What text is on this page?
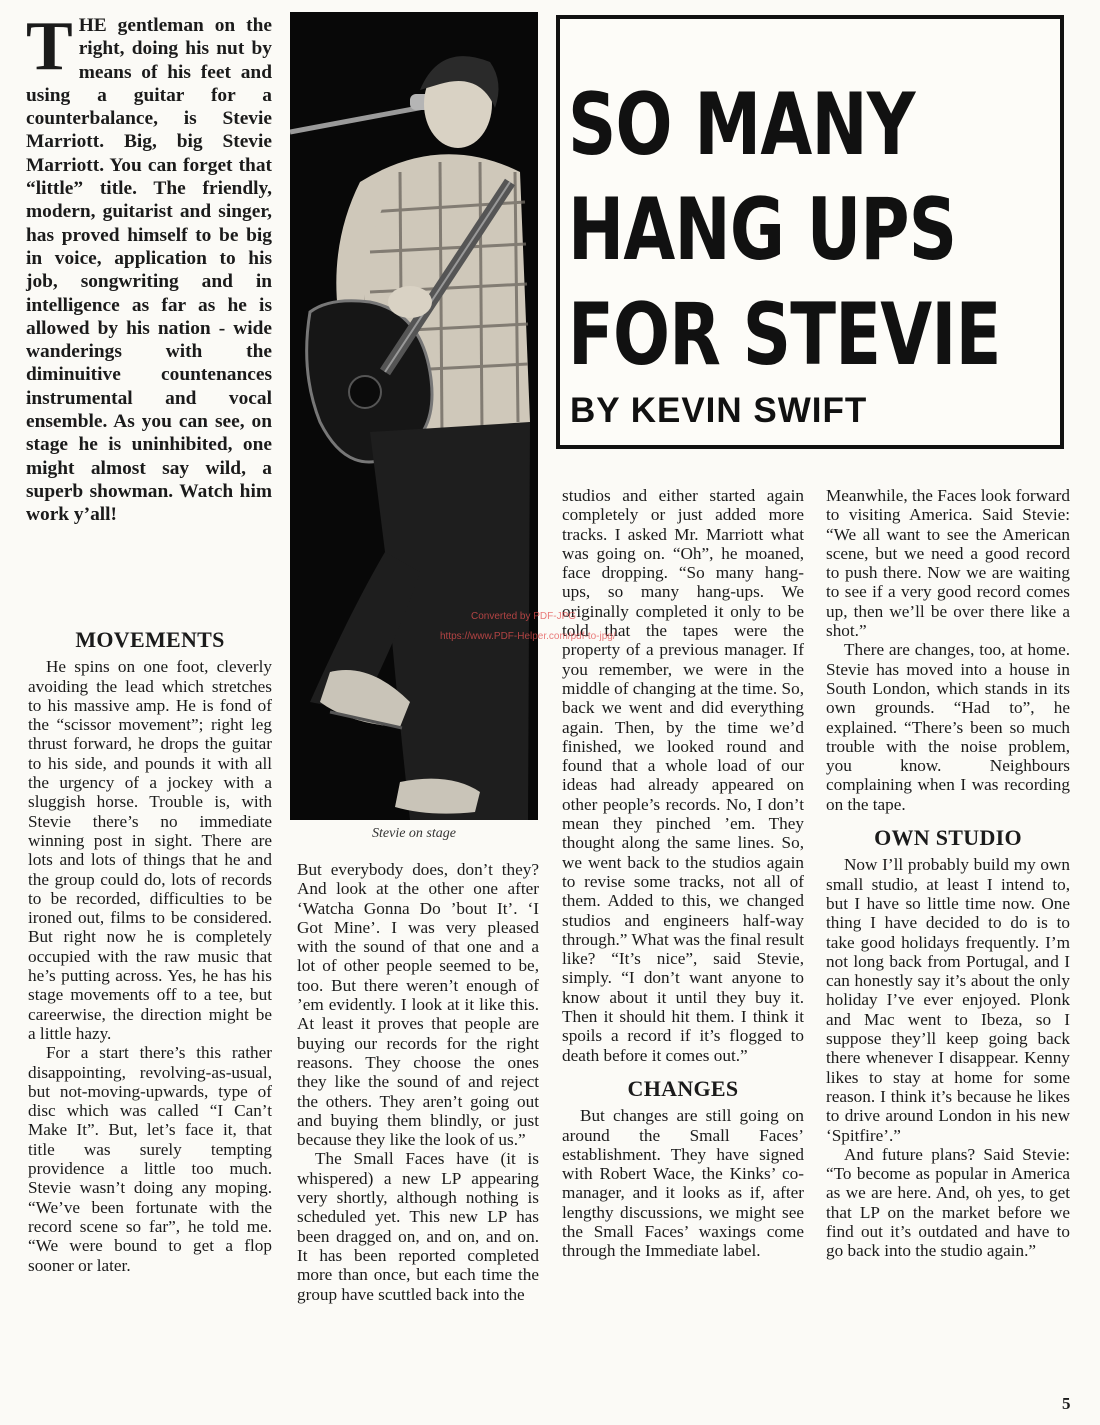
THE gentleman on the right, doing his nut by means of his feet and using a guitar for a counterbalance, is Stevie Marriott. Big, big Stevie Marriott. You can forget that “little” title. The friendly, modern, guitarist and singer, has proved himself to be big in voice, application to his job, songwriting and in intelligence as far as he is allowed by his nation - wide wanderings with the diminuitive countenances instrumental and vocal ensemble. As you can see, on stage he is uninhibited, one might almost say wild, a superb showman. Watch him work y’all!

MOVEMENTS

He spins on one foot, cleverly avoiding the lead which stretches to his massive amp. He is fond of the “scissor movement”; right leg thrust forward, he drops the guitar to his side, and pounds it with all the urgency of a jockey with a sluggish horse. Trouble is, with Stevie there’s no immediate winning post in sight. There are lots and lots of things that he and the group could do, lots of records to be recorded, difficulties to be ironed out, films to be considered. But right now he is completely occupied with the raw music that he’s putting across. Yes, he has his stage movements off to a tee, but careerwise, the direction might be a little hazy.

For a start there’s this rather disappointing, revolving-as-usual, but not-moving-upwards, type of disc which was called “I Can’t Make It”. But, let’s face it, that title was surely tempting providence a little too much. Stevie wasn’t doing any moping. “We’ve been fortunate with the record scene so far”, he told me. “We were bound to get a flop sooner or later.

Stevie on stage

But everybody does, don’t they? And look at the other one after ‘Watcha Gonna Do ’bout It’. ‘I Got Mine’. I was very pleased with the sound of that one and a lot of other people seemed to be, too. But there weren’t enough of ’em evidently. I look at it like this. At least it proves that people are buying our records for the right reasons. They choose the ones they like the sound of and reject the others. They aren’t going out and buying them blindly, or just because they like the look of us.”

The Small Faces have (it is whispered) a new LP appearing very shortly, although nothing is scheduled yet. This new LP has been dragged on, and on, and on. It has been reported completed more than once, but each time the group have scuttled back into the

SO MANY
HANG UPS
FOR STEVIE
BY KEVIN SWIFT

studios and either started again completely or just added more tracks. I asked Mr. Marriott what was going on. “Oh”, he moaned, face dropping. “So many hang-ups, so many hang-ups. We originally completed it only to be told that the tapes were the property of a previous manager. If you remember, we were in the middle of changing at the time. So, back we went and did everything again. Then, by the time we’d finished, we looked round and found that a whole load of our ideas had already appeared on other people’s records. No, I don’t mean they pinched ’em. They thought along the same lines. So, we went back to the studios again to revise some tracks, not all of them. Added to this, we changed studios and engineers half-way through.” What was the final result like? “It’s nice”, said Stevie, simply. “I don’t want anyone to know about it until they buy it. Then it should hit them. I think it spoils a record if it’s flogged to death before it comes out.”

CHANGES

But changes are still going on around the Small Faces’ establishment. They have signed with Robert Wace, the Kinks’ co-manager, and it looks as if, after lengthy discussions, we might see the Small Faces’ waxings come through the Immediate label.

Meanwhile, the Faces look forward to visiting America. Said Stevie: “We all want to see the American scene, but we need a good record to push there. Now we are waiting to see if a very good record comes up, then we’ll be over there like a shot.”

There are changes, too, at home. Stevie has moved into a house in South London, which stands in its own grounds. “Had to”, he explained. “There’s been so much trouble with the noise problem, you know. Neighbours complaining when I was recording on the tape.

OWN STUDIO

Now I’ll probably build my own small studio, at least I intend to, but I have so little time now. One thing I have decided to do is to take good holidays frequently. I’m not long back from Portugal, and I can honestly say it’s about the only holiday I’ve ever enjoyed. Plonk and Mac went to Ibeza, so I suppose they’ll keep going back there whenever I disappear. Kenny likes to stay at home for some reason. I think it’s because he likes to drive around London in his new ‘Spitfire’.”

And future plans? Said Stevie: “To become as popular in America as we are here. And, oh yes, to get that LP on the market before we find out it’s outdated and have to go back into the studio again.”

Converted by PDF-JPG
https://www.PDF-Helper.com/pdf-to-jpg/
5
